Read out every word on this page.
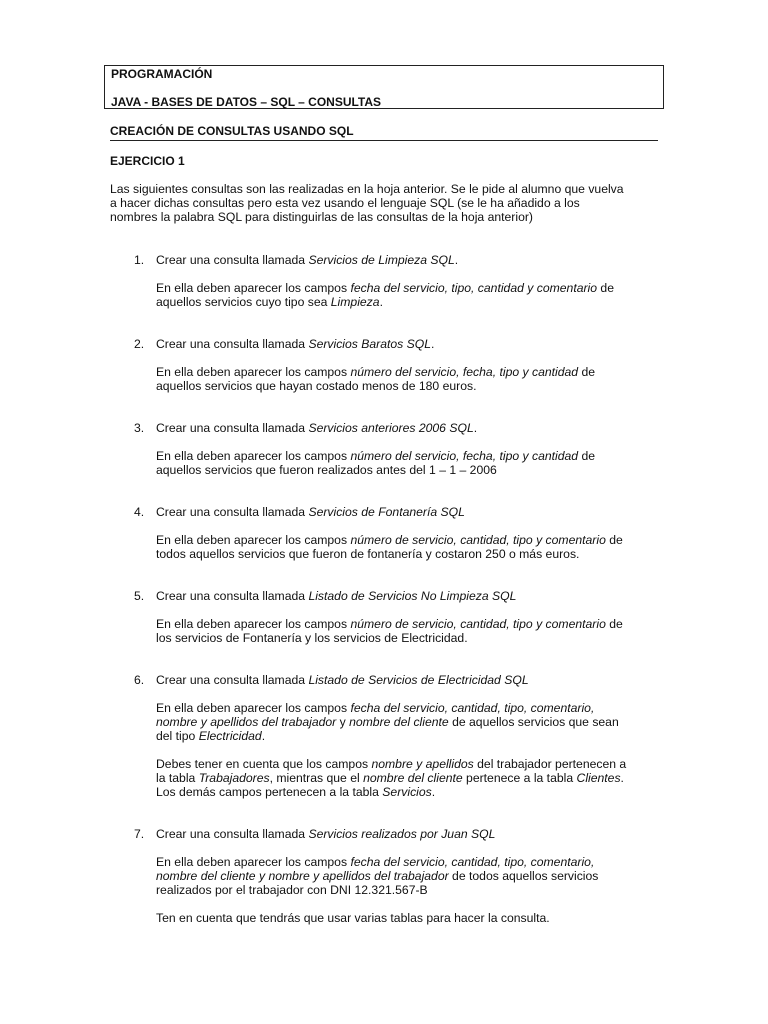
PROGRAMACIÓN
JAVA - BASES DE DATOS – SQL – CONSULTAS
CREACIÓN DE CONSULTAS USANDO SQL
EJERCICIO 1
Las siguientes consultas son las realizadas en la hoja anterior. Se le pide al alumno que vuelva
a hacer dichas consultas pero esta vez usando el lenguaje SQL (se le ha añadido a los
nombres la palabra SQL para distinguirlas de las consultas de la hoja anterior)
1. Crear una consulta llamada Servicios de Limpieza SQL.
En ella deben aparecer los campos fecha del servicio, tipo, cantidad y comentario de
aquellos servicios cuyo tipo sea Limpieza.
2. Crear una consulta llamada Servicios Baratos SQL.
En ella deben aparecer los campos número del servicio, fecha, tipo y cantidad de
aquellos servicios que hayan costado menos de 180 euros.
3. Crear una consulta llamada Servicios anteriores 2006 SQL.
En ella deben aparecer los campos número del servicio, fecha, tipo y cantidad de
aquellos servicios que fueron realizados antes del 1 – 1 – 2006
4. Crear una consulta llamada Servicios de Fontanería SQL
En ella deben aparecer los campos número de servicio, cantidad, tipo y comentario de
todos aquellos servicios que fueron de fontanería y costaron 250 o más euros.
5. Crear una consulta llamada Listado de Servicios No Limpieza SQL
En ella deben aparecer los campos número de servicio, cantidad, tipo y comentario de
los servicios de Fontanería y los servicios de Electricidad.
6. Crear una consulta llamada Listado de Servicios de Electricidad SQL
En ella deben aparecer los campos fecha del servicio, cantidad, tipo, comentario,
nombre y apellidos del trabajador y nombre del cliente de aquellos servicios que sean
del tipo Electricidad.
Debes tener en cuenta que los campos nombre y apellidos del trabajador pertenecen a
la tabla Trabajadores, mientras que el nombre del cliente pertenece a la tabla Clientes.
Los demás campos pertenecen a la tabla Servicios.
7. Crear una consulta llamada Servicios realizados por Juan SQL
En ella deben aparecer los campos fecha del servicio, cantidad, tipo, comentario,
nombre del cliente y nombre y apellidos del trabajador de todos aquellos servicios
realizados por el trabajador con DNI 12.321.567-B
Ten en cuenta que tendrás que usar varias tablas para hacer la consulta.
